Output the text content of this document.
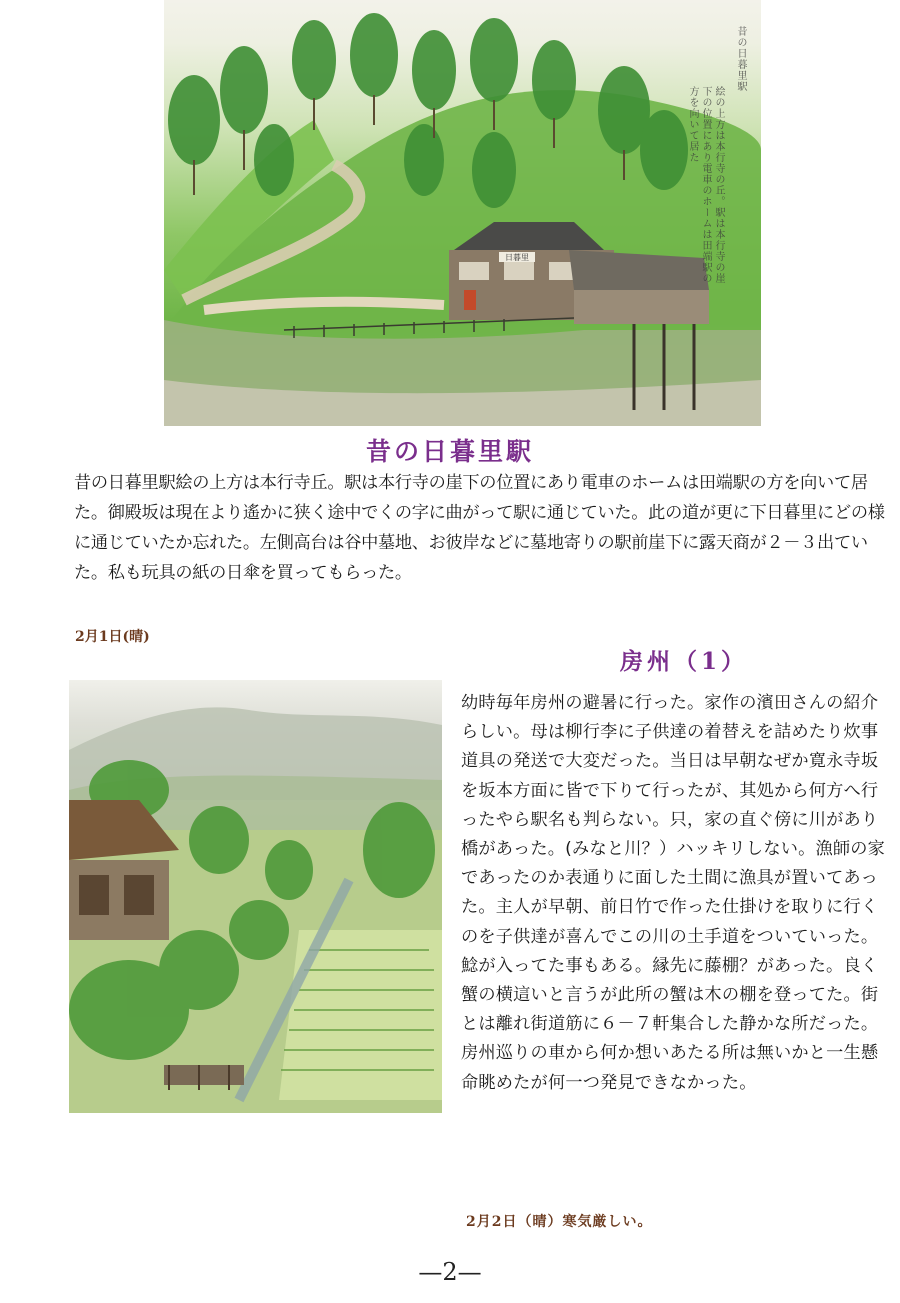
日暮里
昔の日暮里駅
絵の上方は本行寺の丘。駅は本行寺の崖下の位置にあり電車のホームは田端駅の方を向いて居た
昔の日暮里駅
昔の日暮里駅絵の上方は本行寺丘。駅は本行寺の崖下の位置にあり電車のホームは田端駅の方を向いて居た。御殿坂は現在より遙かに狭く途中でくの字に曲がって駅に通じていた。此の道が更に下日暮里にどの様に通じていたか忘れた。左側高台は谷中墓地、お彼岸などに墓地寄りの駅前崖下に露天商が２－３出ていた。私も玩具の紙の日傘を買ってもらった。
2月1日(晴)
房州（1）
幼時毎年房州の避暑に行った。家作の濱田さんの紹介らしい。母は柳行李に子供達の着替えを詰めたり炊事道具の発送で大変だった。当日は早朝なぜか寛永寺坂を坂本方面に皆で下りて行ったが、其処から何方へ行ったやら駅名も判らない。只，家の直ぐ傍に川があり橋があった。(みなと川？）ハッキリしない。漁師の家であったのか表通りに面した土間に漁具が置いてあった。主人が早朝、前日竹で作った仕掛けを取りに行くのを子供達が喜んでこの川の土手道をついていった。鯰が入ってた事もある。縁先に藤棚？があった。良く蟹の横這いと言うが此所の蟹は木の棚を登ってた。街とは離れ街道筋に６－７軒集合した静かな所だった。房州巡りの車から何か想いあたる所は無いかと一生懸命眺めたが何一つ発見できなかった。
2月2日（晴）寒気厳しい。
—2—
